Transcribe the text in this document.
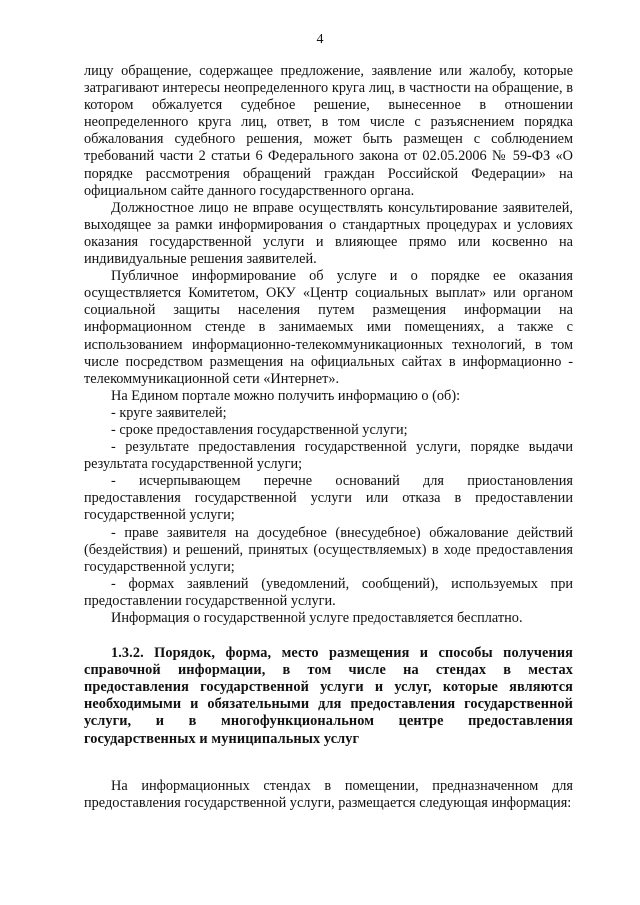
4

лицу обращение, содержащее предложение, заявление или жалобу, которые затрагивают интересы неопределенного круга лиц, в частности на обращение, в котором обжалуется судебное решение, вынесенное в отношении неопределенного круга лиц, ответ, в том числе с разъяснением порядка обжалования судебного решения, может быть размещен с соблюдением требований части 2 статьи 6 Федерального закона от 02.05.2006 № 59-ФЗ «О порядке рассмотрения обращений граждан Российской Федерации» на официальном сайте данного государственного органа.

Должностное лицо не вправе осуществлять консультирование заявителей, выходящее за рамки информирования о стандартных процедурах и условиях оказания государственной услуги и влияющее прямо или косвенно на индивидуальные решения заявителей.

Публичное информирование об услуге и о порядке ее оказания осуществляется Комитетом, ОКУ «Центр социальных выплат» или органом социальной защиты населения путем размещения информации на информационном стенде в занимаемых ими помещениях, а также с использованием информационно-телекоммуникационных технологий, в том числе посредством размещения на официальных сайтах в информационно - телекоммуникационной сети «Интернет».

На Едином портале можно получить информацию о (об):

- круге заявителей;

- сроке предоставления государственной услуги;

- результате предоставления государственной услуги, порядке выдачи результата государственной услуги;

- исчерпывающем перечне оснований для приостановления предоставления государственной услуги или отказа в предоставлении государственной услуги;

- праве заявителя на досудебное (внесудебное) обжалование действий (бездействия) и решений, принятых (осуществляемых) в ходе предоставления государственной услуги;

- формах заявлений (уведомлений, сообщений), используемых при предоставлении государственной услуги.

Информация о государственной услуге предоставляется бесплатно.

1.3.2. Порядок, форма, место размещения и способы получения справочной информации, в том числе на стендах в местах предоставления государственной услуги и услуг, которые являются необходимыми и обязательными для предоставления государственной услуги, и в многофункциональном центре предоставления государственных и муниципальных услуг

На информационных стендах в помещении, предназначенном для предоставления государственной услуги, размещается следующая информация:
